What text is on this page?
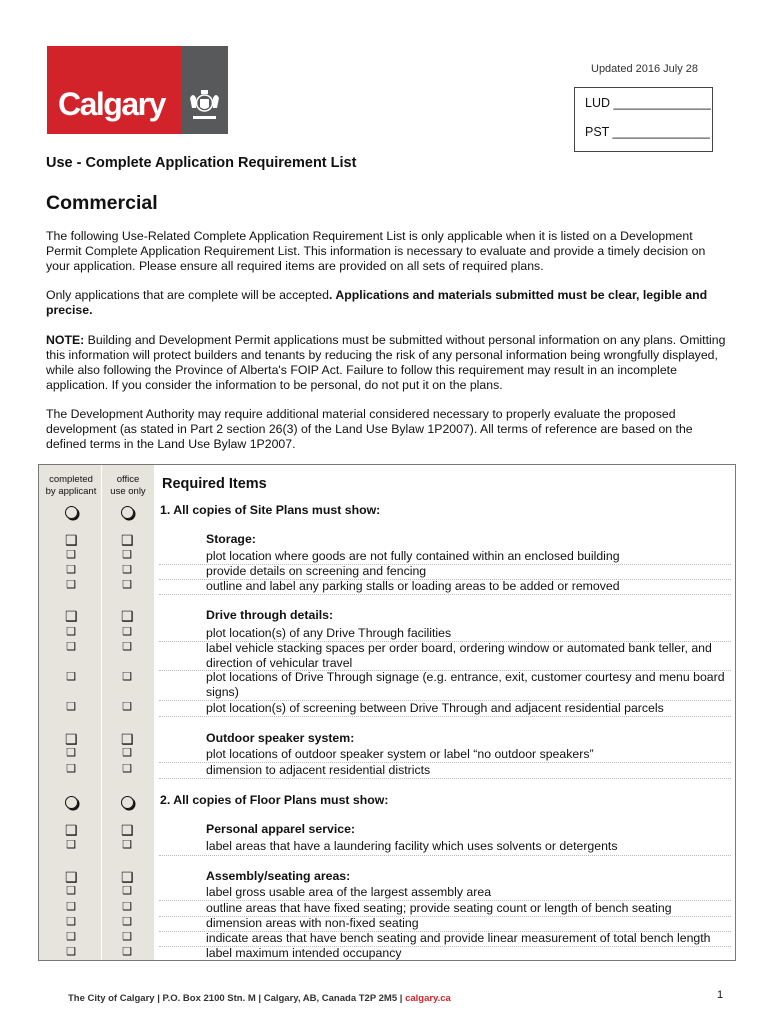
Calgary
Updated 2016 July 28
LUD ______________
PST ______________
Use - Complete Application Requirement List
Commercial

The following Use-Related Complete Application Requirement List is only applicable when it is listed on a Development Permit Complete Application Requirement List. This information is necessary to evaluate and provide a timely decision on your application. Please ensure all required items are provided on all sets of required plans.

Only applications that are complete will be accepted. Applications and materials submitted must be clear, legible and precise.

NOTE: Building and Development Permit applications must be submitted without personal information on any plans. Omitting this information will protect builders and tenants by reducing the risk of any personal information being wrongfully displayed, while also following the Province of Alberta's FOIP Act. Failure to follow this requirement may result in an incomplete application. If you consider the information to be personal, do not put it on the plans.

The Development Authority may require additional material considered necessary to properly evaluate the proposed development (as stated in Part 2 section 26(3) of the Land Use Bylaw 1P2007). All terms of reference are based on the defined terms in the Land Use Bylaw 1P2007.

completed
by applicant
office
use only	Required Items
1. All copies of Site Plans must show:
❑	❑	Storage:
❑	❑	plot location where goods are not fully contained within an enclosed building
❑	❑	provide details on screening and fencing
❑	❑	outline and label any parking stalls or loading areas to be added or removed
❑	❑	Drive through details:
❑	❑	plot location(s) of any Drive Through facilities
❑	❑	label vehicle stacking spaces per order board, ordering window or automated bank teller, and direction of vehicular travel
❑	❑	plot locations of Drive Through signage (e.g. entrance, exit, customer courtesy and menu board signs)
❑	❑	plot location(s) of screening between Drive Through and adjacent residential parcels
❑	❑	Outdoor speaker system:
❑	❑	plot locations of outdoor speaker system or label “no outdoor speakers”
❑	❑	dimension to adjacent residential districts
2. All copies of Floor Plans must show:
❑	❑	Personal apparel service:
❑	❑	label areas that have a laundering facility which uses solvents or detergents
❑	❑	Assembly/seating areas:
❑	❑	label gross usable area of the largest assembly area
❑	❑	outline areas that have fixed seating; provide seating count or length of bench seating
❑	❑	dimension areas with non-fixed seating
❑	❑	indicate areas that have bench seating and provide linear measurement of total bench length
❑	❑	label maximum intended occupancy
The City of Calgary | P.O. Box 2100 Stn. M | Calgary, AB, Canada T2P 2M5 | calgary.ca	1
